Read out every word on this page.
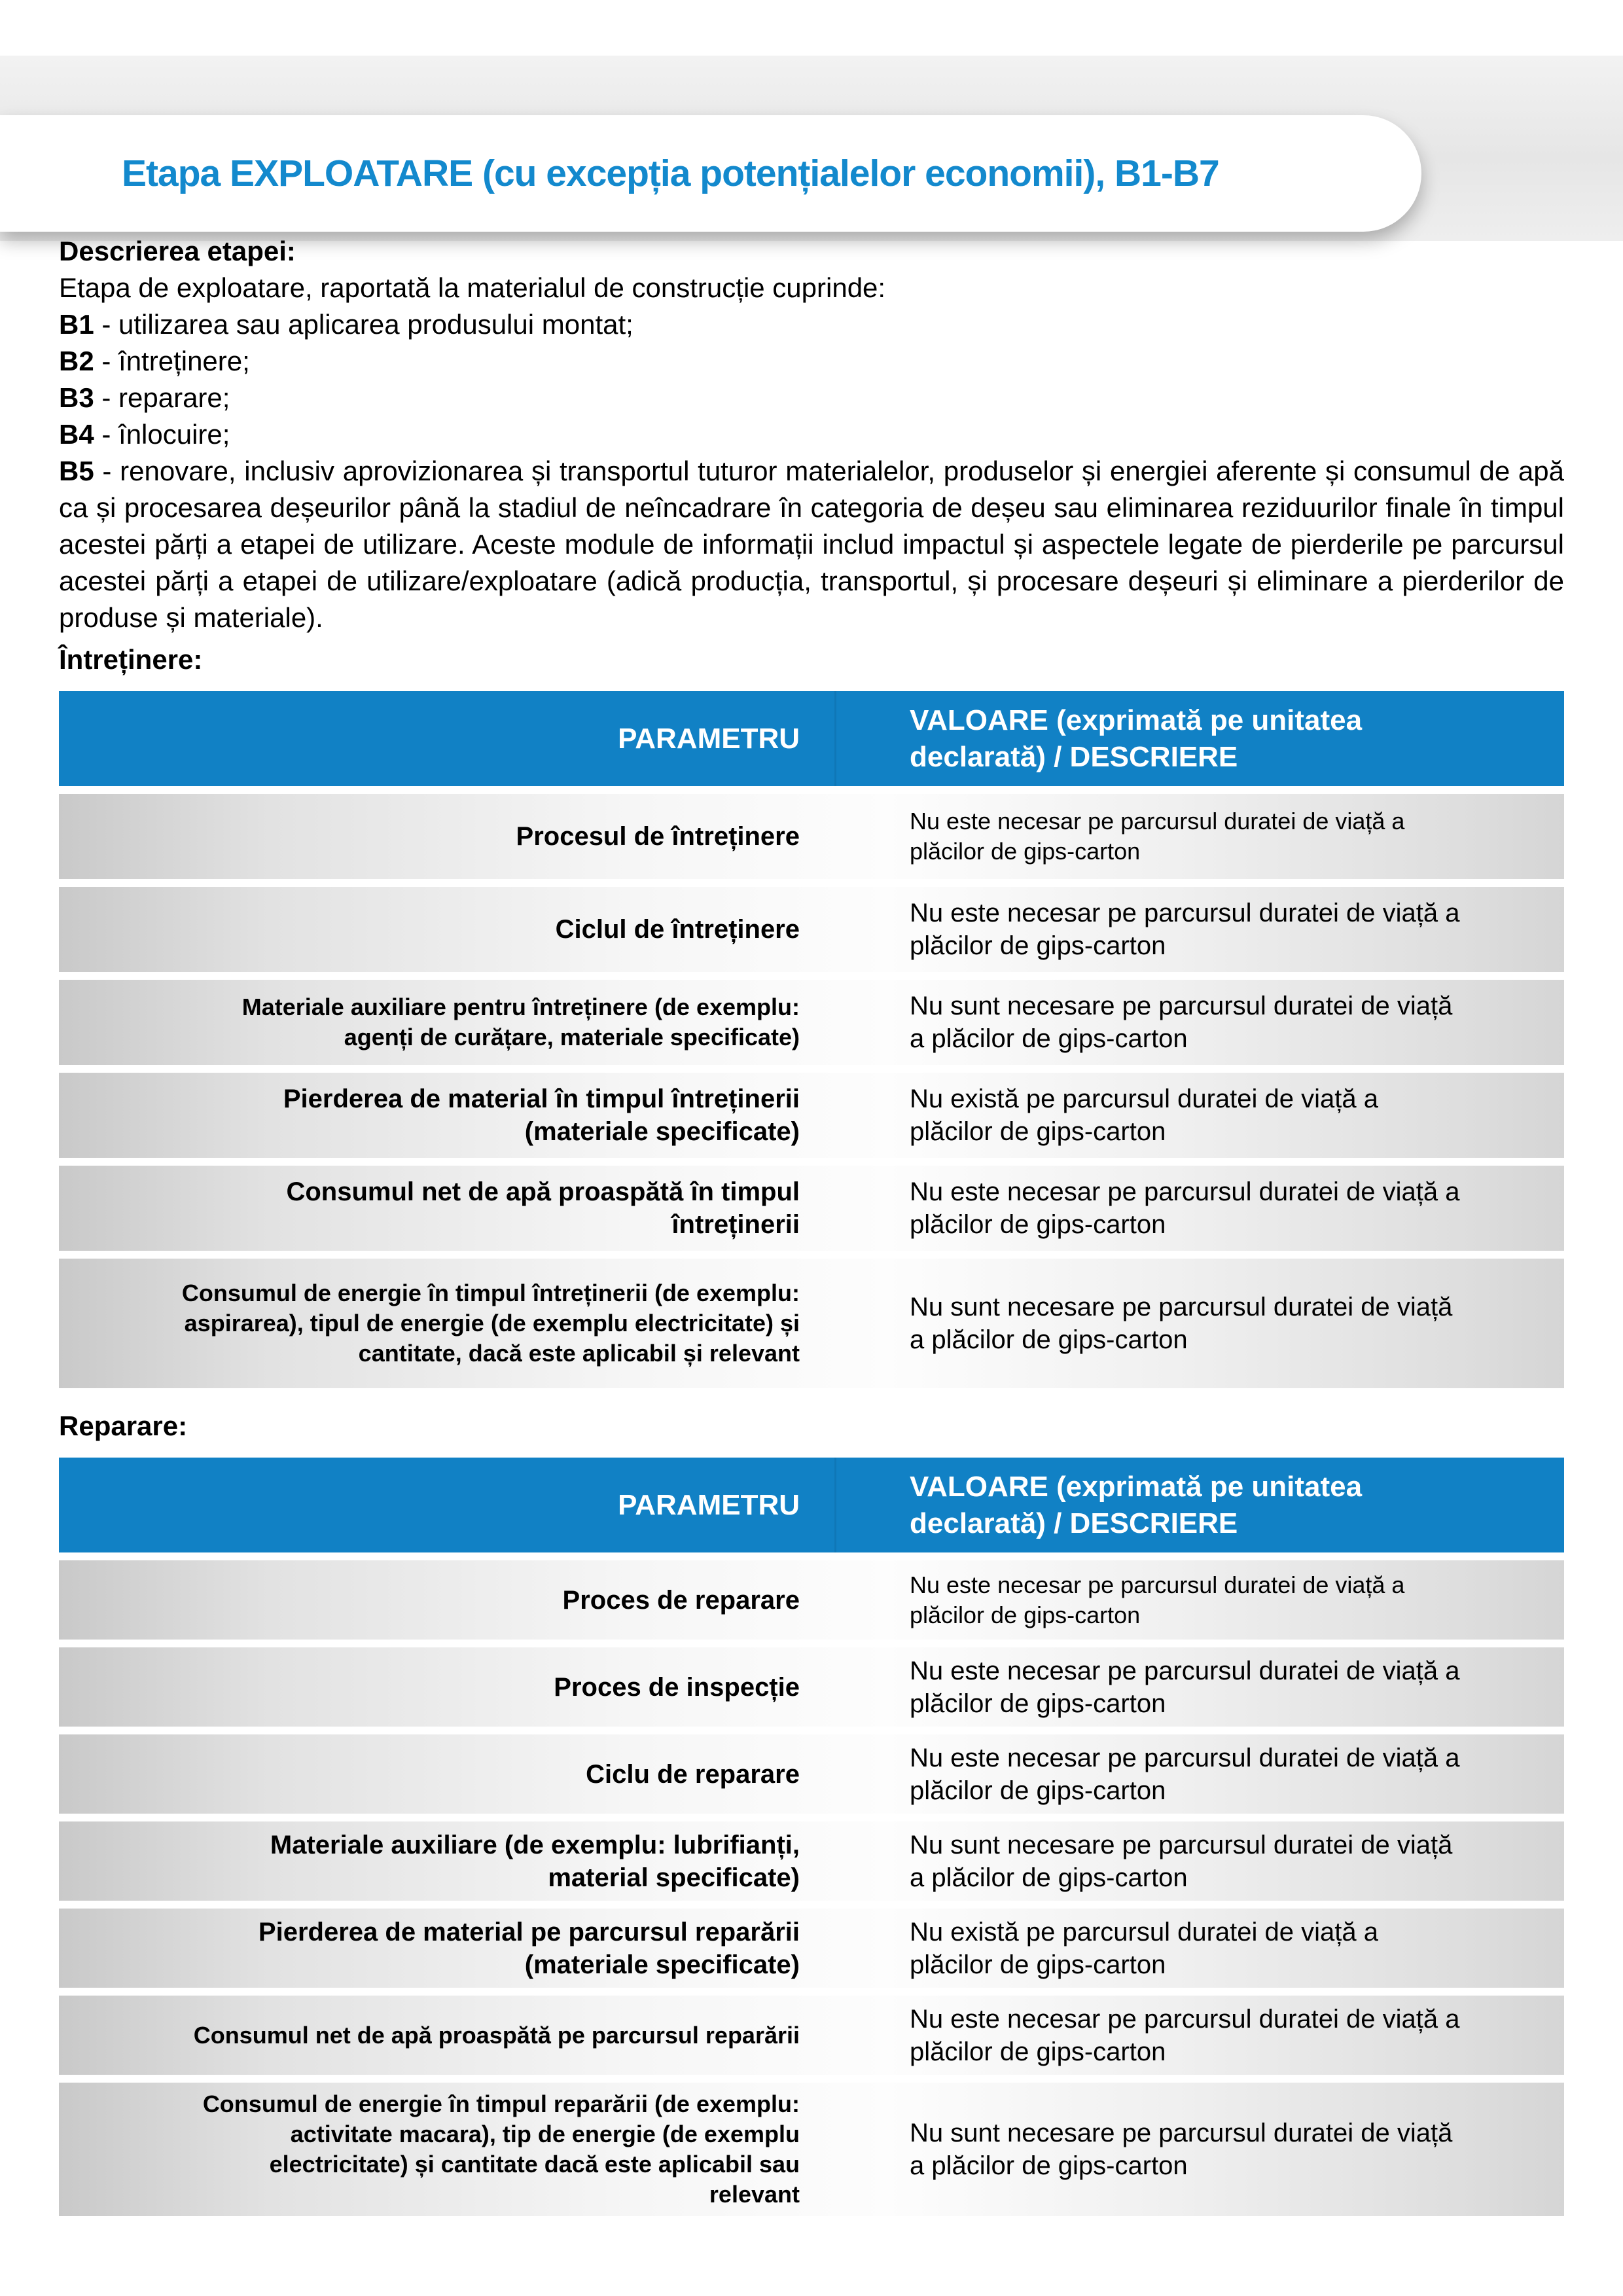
Etapa EXPLOATARE (cu excepția potențialelor economii), B1-B7
Descrierea etapei:

Etapa de exploatare, raportată la materialul de construcție cuprinde:

B1 - utilizarea sau aplicarea produsului montat;

B2 - întreținere;

B3 - reparare;

B4 - înlocuire;

B5 - renovare, inclusiv aprovizionarea și transportul tuturor materialelor, produselor și energiei aferente și consumul de apă ca și procesarea deșeurilor până la stadiul de neîncadrare în categoria de deșeu sau eliminarea reziduurilor finale în timpul acestei părți a etapei de utilizare. Aceste module de informații includ impactul și aspectele legate de pierderile pe parcursul acestei părți a etapei de utilizare/exploatare (adică producția, transportul, și procesare deșeuri și eliminare a pierderilor de produse și materiale).

Întreținere:
PARAMETRU
VALOARE (exprimată pe unitatea declarată) / DESCRIERE
Procesul de întreținere
Nu este necesar pe parcursul duratei de viață a plăcilor de gips-carton
Ciclul de întreținere
Nu este necesar pe parcursul duratei de viață a plăcilor de gips-carton
Materiale auxiliare pentru întreținere (de exemplu: agenți de curățare, materiale specificate)
Nu sunt necesare pe parcursul duratei de viață a plăcilor de gips-carton
Pierderea de material în timpul întreținerii (materiale specificate)
Nu există pe parcursul duratei de viață a plăcilor de gips-carton
Consumul net de apă proaspătă în timpul întreținerii
Nu este necesar pe parcursul duratei de viață a plăcilor de gips-carton
Consumul de energie în timpul întreținerii (de exemplu: aspirarea), tipul de energie (de exemplu electricitate) și cantitate, dacă este aplicabil și relevant
Nu sunt necesare pe parcursul duratei de viață a plăcilor de gips-carton
Reparare:
PARAMETRU
VALOARE (exprimată pe unitatea declarată) / DESCRIERE
Proces de reparare
Nu este necesar pe parcursul duratei de viață a plăcilor de gips-carton
Proces de inspecție
Nu este necesar pe parcursul duratei de viață a plăcilor de gips-carton
Ciclu de reparare
Nu este necesar pe parcursul duratei de viață a plăcilor de gips-carton
Materiale auxiliare (de exemplu: lubrifianți, material specificate)
Nu sunt necesare pe parcursul duratei de viață a plăcilor de gips-carton
Pierderea de material pe parcursul reparării (materiale specificate)
Nu există pe parcursul duratei de viață a plăcilor de gips-carton
Consumul net de apă proaspătă pe parcursul reparării
Nu este necesar pe parcursul duratei de viață a plăcilor de gips-carton
Consumul de energie în timpul reparării (de exemplu: activitate macara), tip de energie (de exemplu electricitate) și cantitate dacă este aplicabil sau relevant
Nu sunt necesare pe parcursul duratei de viață a plăcilor de gips-carton
